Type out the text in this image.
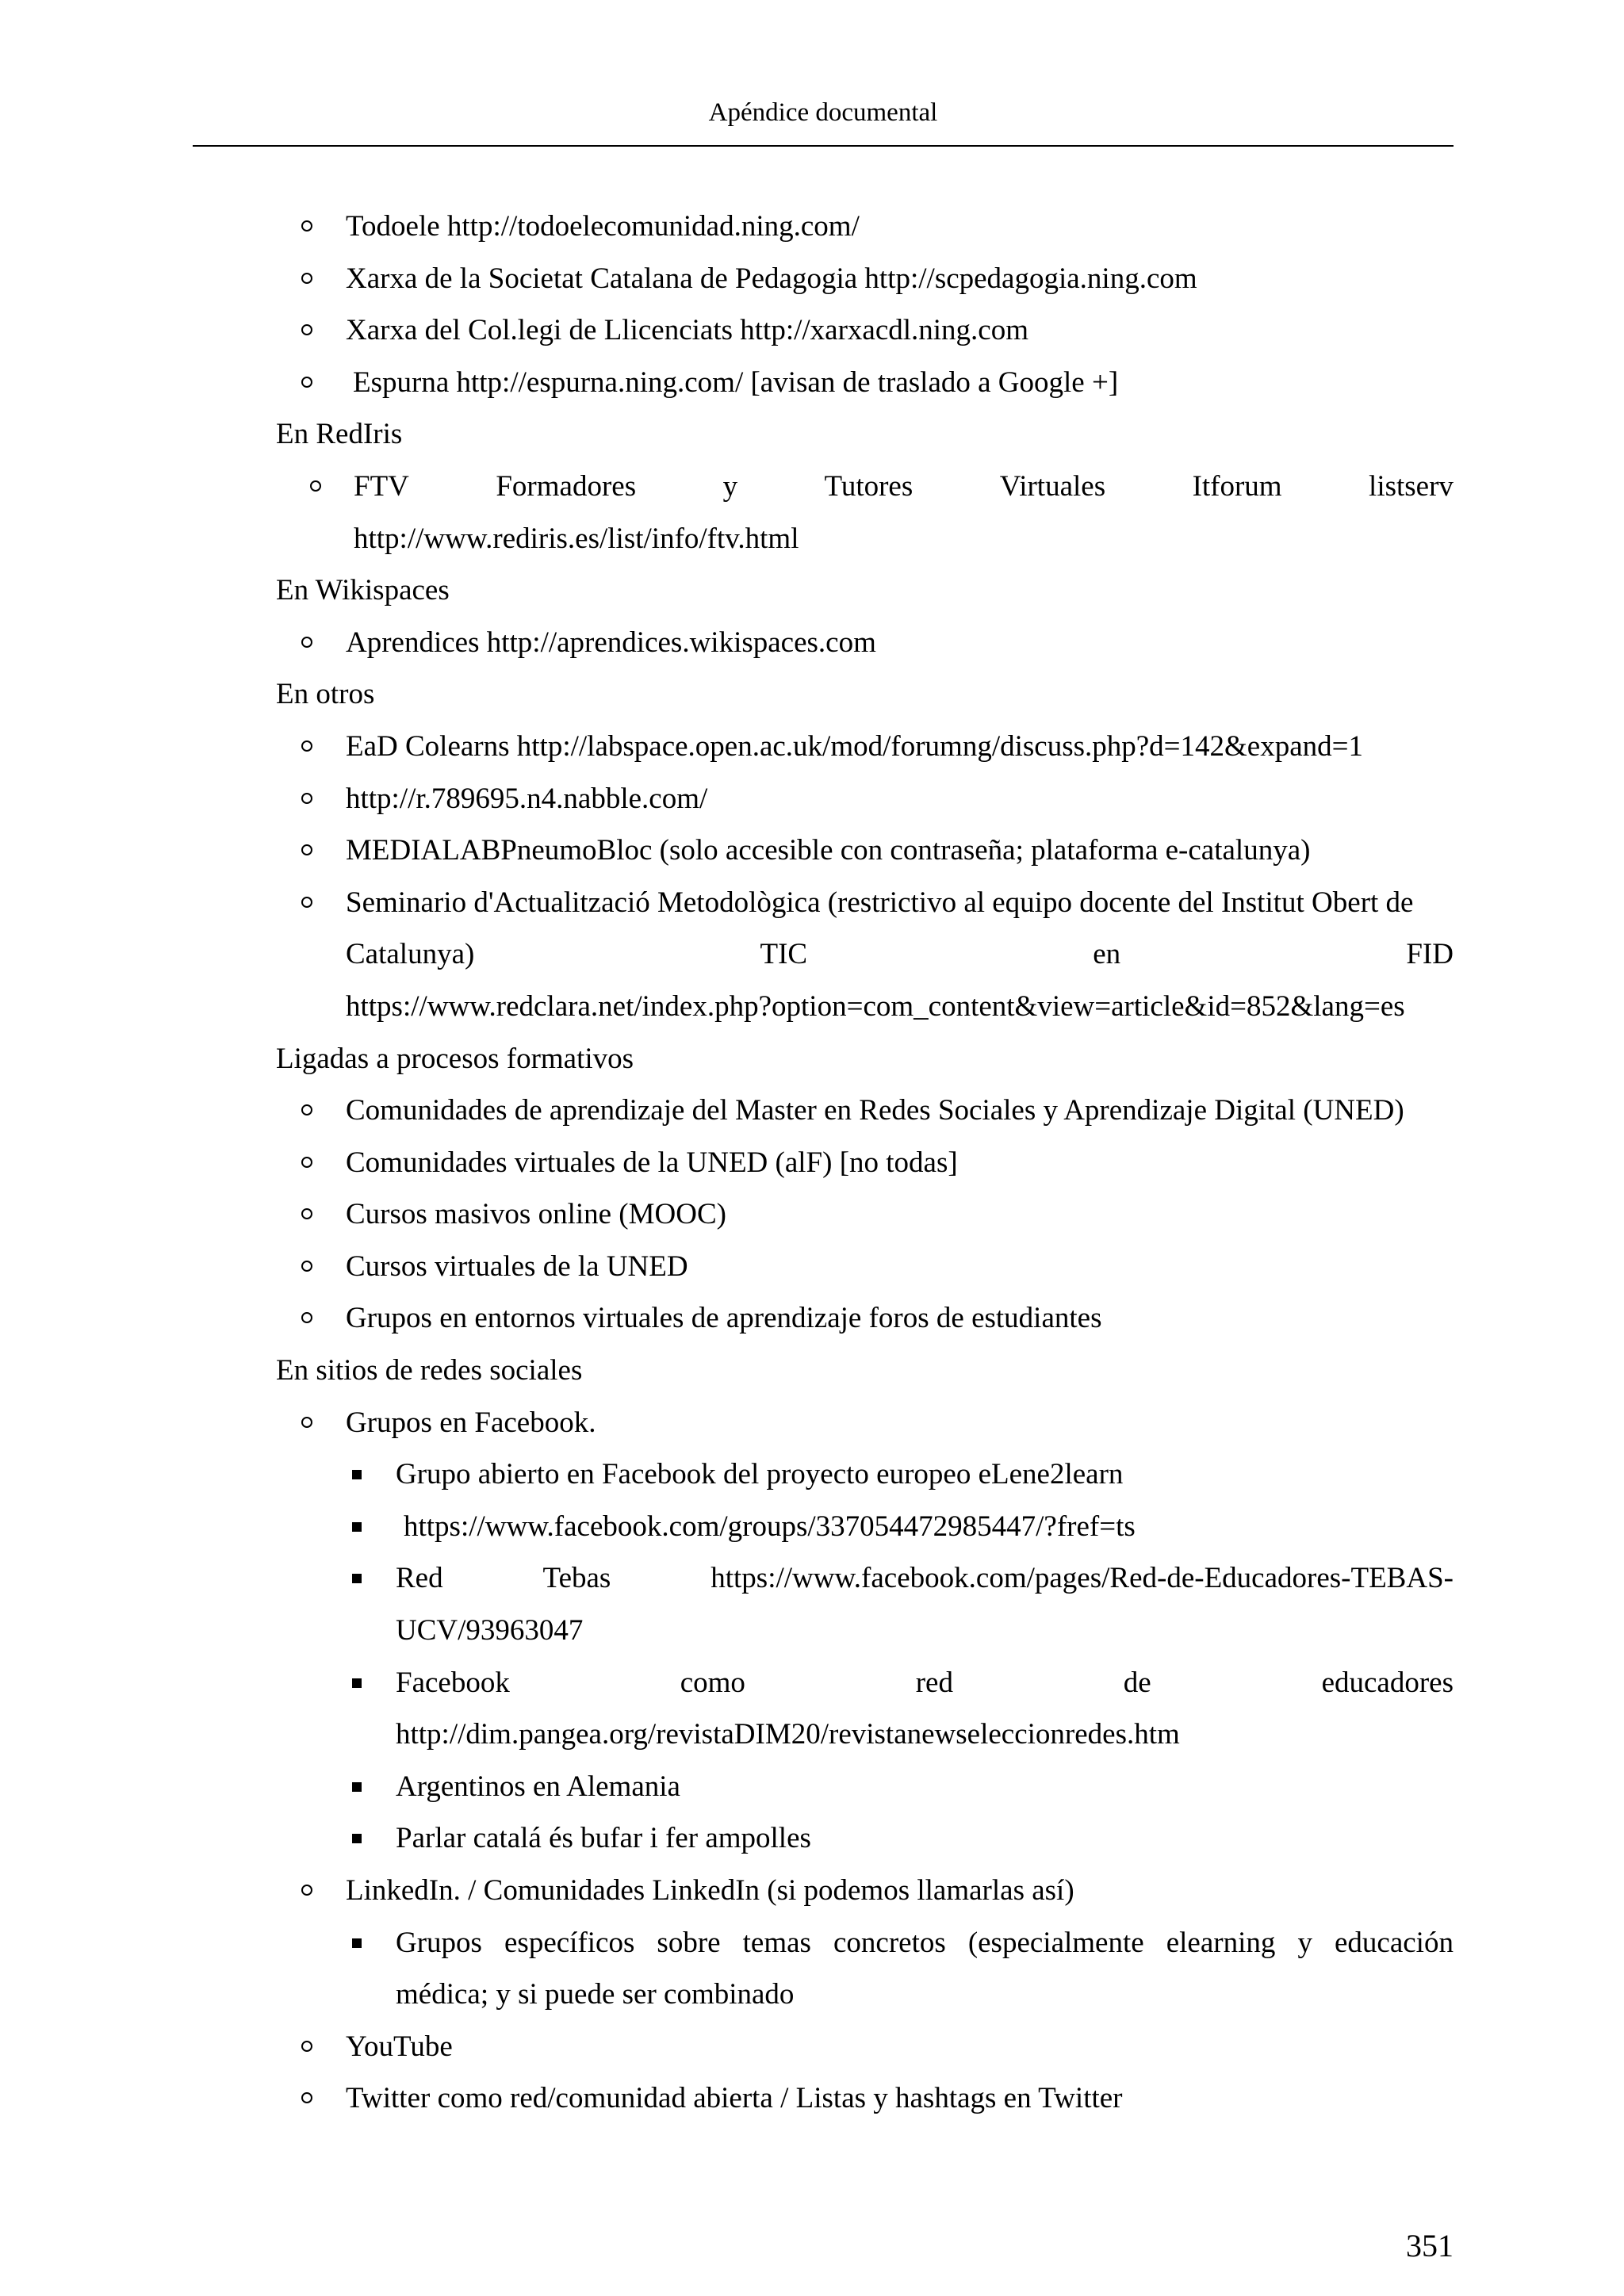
Apéndice documental
Todoele http://todoelecomunidad.ning.com/
Xarxa de la Societat Catalana de Pedagogia http://scpedagogia.ning.com
Xarxa del Col.legi de Llicenciats http://xarxacdl.ning.com
Espurna http://espurna.ning.com/ [avisan de traslado a Google +]
En RedIris
FTV	Formadores	y	Tutores	Virtuales	Itforum	listserv
http://www.rediris.es/list/info/ftv.html
En Wikispaces
Aprendices http://aprendices.wikispaces.com
En otros
EaD Colearns http://labspace.open.ac.uk/mod/forumng/discuss.php?d=142&expand=1
http://r.789695.n4.nabble.com/
MEDIALABPneumoBloc (solo accesible con contraseña; plataforma e-catalunya)
Seminario d'Actualització Metodològica (restrictivo al equipo docente del Institut Obert de
Catalunya)	TIC	en	FID
https://www.redclara.net/index.php?option=com_content&view=article&id=852&lang=es
Ligadas a procesos formativos
Comunidades de aprendizaje del Master en Redes Sociales y Aprendizaje Digital (UNED)
Comunidades virtuales de la UNED (alF) [no todas]
Cursos masivos online (MOOC)
Cursos virtuales de la UNED
Grupos en entornos virtuales de aprendizaje foros de estudiantes
En sitios de redes sociales
Grupos en Facebook.
Grupo abierto en Facebook del proyecto europeo eLene2learn
https://www.facebook.com/groups/337054472985447/?fref=ts
Red	Tebas	https://www.facebook.com/pages/Red-de-Educadores-TEBAS-
UCV/93963047
Facebook	como	red	de	educadores
http://dim.pangea.org/revistaDIM20/revistanewseleccionredes.htm
Argentinos en Alemania
Parlar catalá és bufar i fer ampolles
LinkedIn. / Comunidades LinkedIn (si podemos llamarlas así)
Grupos específicos sobre temas concretos (especialmente elearning y educación
médica; y si puede ser combinado
YouTube
Twitter como red/comunidad abierta / Listas y hashtags en Twitter
351
